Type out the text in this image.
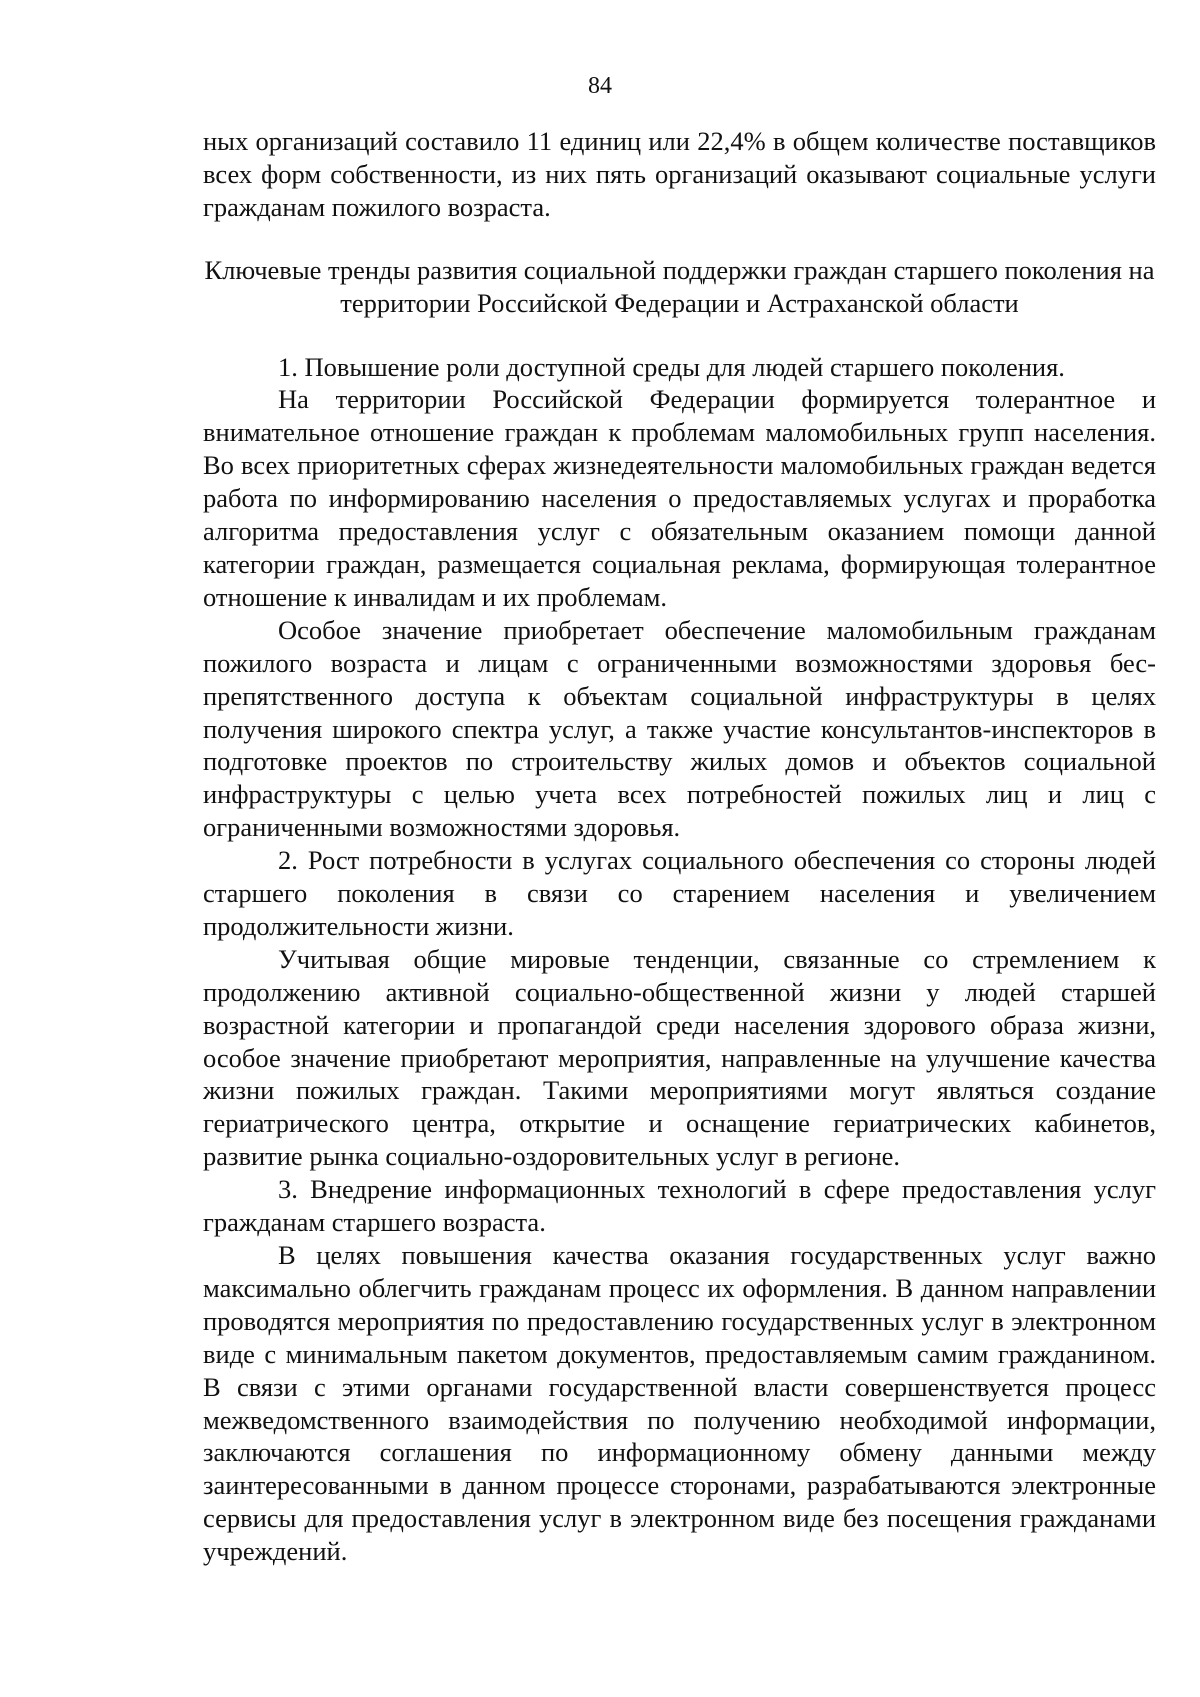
84

ных организаций составило 11 единиц или 22,4% в общем количестве поставщиков всех форм собственности, из них пять организаций оказывают социальные услуги гражданам пожилого возраста.

Ключевые тренды развития социальной поддержки граждан старшего поколения на территории Российской Федерации и Астраханской области

1. Повышение роли доступной среды для людей старшего поколения.

На территории Российской Федерации формируется толерантное и внимательное отношение граждан к проблемам маломобильных групп населения. Во всех приоритетных сферах жизнедеятельности маломобильных граждан ведется работа по информированию населения о предоставляемых услугах и проработка алгоритма предоставления услуг с обязательным оказанием помощи данной категории граждан, размещается социальная реклама, формирующая толерантное отношение к инвалидам и их проблемам.

Особое значение приобретает обеспечение маломобильным гражданам пожилого возраста и лицам с ограниченными возможностями здоровья беспрепятственного доступа к объектам социальной инфраструктуры в целях получения широкого спектра услуг, а также участие консультантов-инспекторов в подготовке проектов по строительству жилых домов и объектов социальной инфраструктуры с целью учета всех потребностей пожилых лиц и лиц с ограниченными возможностями здоровья.

2. Рост потребности в услугах социального обеспечения со стороны людей старшего поколения в связи со старением населения и увеличением продолжительности жизни.

Учитывая общие мировые тенденции, связанные со стремлением к продолжению активной социально-общественной жизни у людей старшей возрастной категории и пропагандой среди населения здорового образа жизни, особое значение приобретают мероприятия, направленные на улучшение качества жизни пожилых граждан. Такими мероприятиями могут являться создание гериатрического центра, открытие и оснащение гериатрических кабинетов, развитие рынка социально-оздоровительных услуг в регионе.

3. Внедрение информационных технологий в сфере предоставления услуг гражданам старшего возраста.

В целях повышения качества оказания государственных услуг важно максимально облегчить гражданам процесс их оформления. В данном направлении проводятся мероприятия по предоставлению государственных услуг в электронном виде с минимальным пакетом документов, предоставляемым самим гражданином. В связи с этими органами государственной власти совершенствуется процесс межведомственного взаимодействия по получению необходимой информации, заключаются соглашения по информационному обмену данными между заинтересованными в данном процессе сторонами, разрабатываются электронные сервисы для предоставления услуг в электронном виде без посещения гражданами учреждений.
